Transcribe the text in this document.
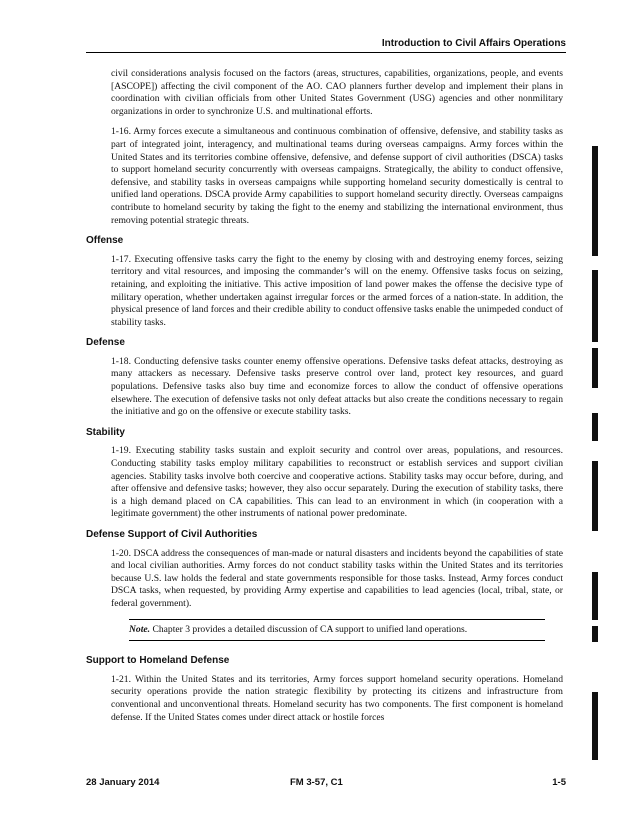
Introduction to Civil Affairs Operations

civil considerations analysis focused on the factors (areas, structures, capabilities, organizations, people, and events [ASCOPE]) affecting the civil component of the AO. CAO planners further develop and implement their plans in coordination with civilian officials from other United States Government (USG) agencies and other nonmilitary organizations in order to synchronize U.S. and multinational efforts.

1-16. Army forces execute a simultaneous and continuous combination of offensive, defensive, and stability tasks as part of integrated joint, interagency, and multinational teams during overseas campaigns. Army forces within the United States and its territories combine offensive, defensive, and defense support of civil authorities (DSCA) tasks to support homeland security concurrently with overseas campaigns. Strategically, the ability to conduct offensive, defensive, and stability tasks in overseas campaigns while supporting homeland security domestically is central to unified land operations. DSCA provide Army capabilities to support homeland security directly. Overseas campaigns contribute to homeland security by taking the fight to the enemy and stabilizing the international environment, thus removing potential strategic threats.

Offense

1-17. Executing offensive tasks carry the fight to the enemy by closing with and destroying enemy forces, seizing territory and vital resources, and imposing the commander’s will on the enemy. Offensive tasks focus on seizing, retaining, and exploiting the initiative. This active imposition of land power makes the offense the decisive type of military operation, whether undertaken against irregular forces or the armed forces of a nation-state. In addition, the physical presence of land forces and their credible ability to conduct offensive tasks enable the unimpeded conduct of stability tasks.

Defense

1-18. Conducting defensive tasks counter enemy offensive operations. Defensive tasks defeat attacks, destroying as many attackers as necessary. Defensive tasks preserve control over land, protect key resources, and guard populations. Defensive tasks also buy time and economize forces to allow the conduct of offensive operations elsewhere. The execution of defensive tasks not only defeat attacks but also create the conditions necessary to regain the initiative and go on the offensive or execute stability tasks.

Stability

1-19. Executing stability tasks sustain and exploit security and control over areas, populations, and resources. Conducting stability tasks employ military capabilities to reconstruct or establish services and support civilian agencies. Stability tasks involve both coercive and cooperative actions. Stability tasks may occur before, during, and after offensive and defensive tasks; however, they also occur separately. During the execution of stability tasks, there is a high demand placed on CA capabilities. This can lead to an environment in which (in cooperation with a legitimate government) the other instruments of national power predominate.

Defense Support of Civil Authorities

1-20. DSCA address the consequences of man-made or natural disasters and incidents beyond the capabilities of state and local civilian authorities. Army forces do not conduct stability tasks within the United States and its territories because U.S. law holds the federal and state governments responsible for those tasks. Instead, Army forces conduct DSCA tasks, when requested, by providing Army expertise and capabilities to lead agencies (local, tribal, state, or federal government).

Note. Chapter 3 provides a detailed discussion of CA support to unified land operations.
Support to Homeland Defense

1-21. Within the United States and its territories, Army forces support homeland security operations. Homeland security operations provide the nation strategic flexibility by protecting its citizens and infrastructure from conventional and unconventional threats. Homeland security has two components. The first component is homeland defense. If the United States comes under direct attack or hostile forces

28 January 2014	FM 3-57, C1	1-5
